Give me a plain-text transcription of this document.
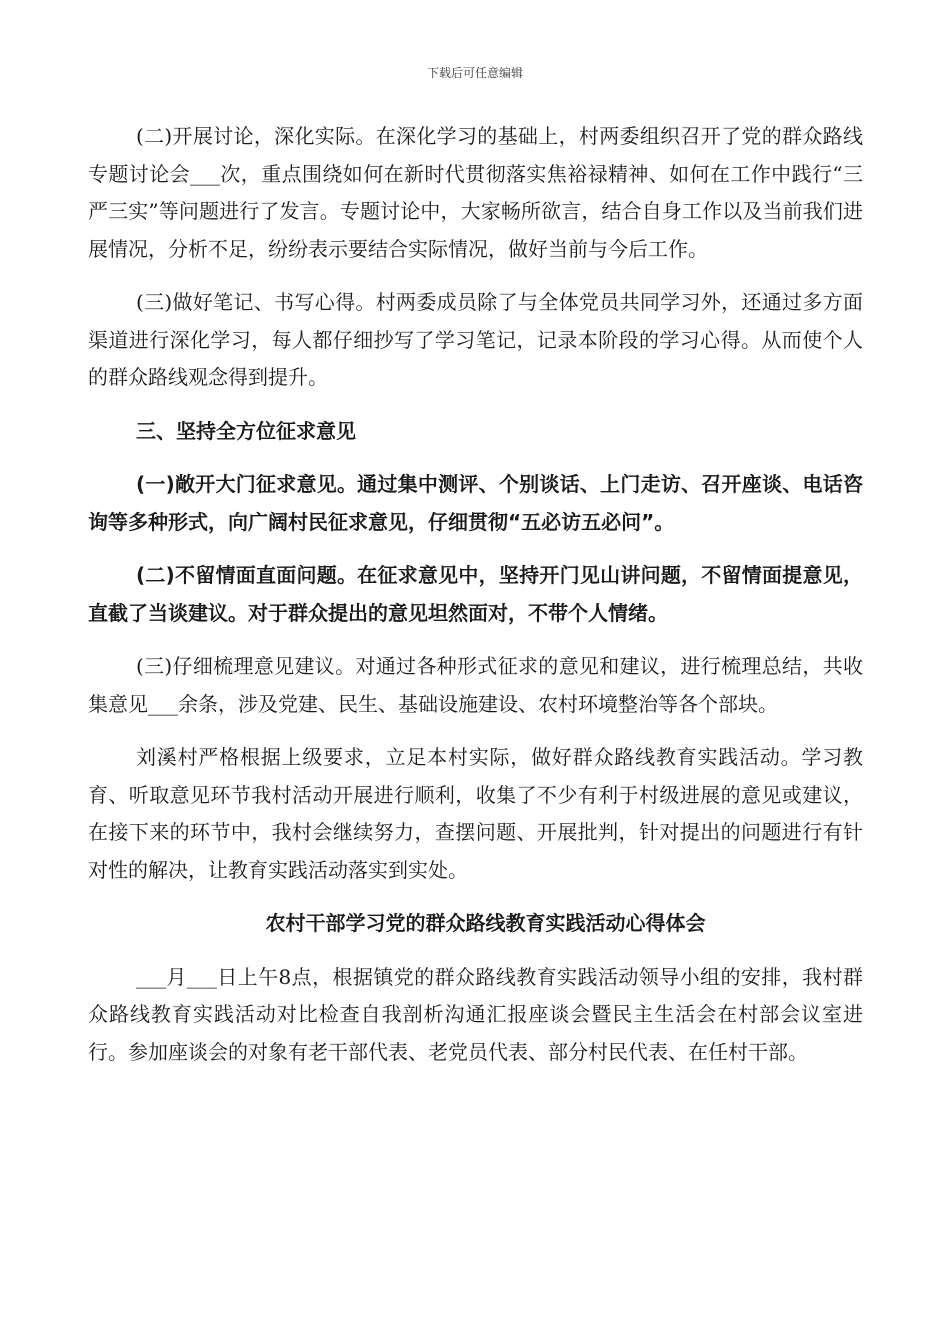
下载后可任意编辑

(二)开展讨论，深化实际。在深化学习的基础上，村两委组织召开了党的群众路线专题讨论会___次，重点围绕如何在新时代贯彻落实焦裕禄精神、如何在工作中践行“三严三实”等问题进行了发言。专题讨论中，大家畅所欲言，结合自身工作以及当前我们进展情况，分析不足，纷纷表示要结合实际情况，做好当前与今后工作。

(三)做好笔记、书写心得。村两委成员除了与全体党员共同学习外，还通过多方面渠道进行深化学习，每人都仔细抄写了学习笔记，记录本阶段的学习心得。从而使个人的群众路线观念得到提升。

三、坚持全方位征求意见

(一)敞开大门征求意见。通过集中测评、个别谈话、上门走访、召开座谈、电话咨询等多种形式，向广阔村民征求意见，仔细贯彻“五必访五必问”。

(二)不留情面直面问题。在征求意见中，坚持开门见山讲问题，不留情面提意见，直截了当谈建议。对于群众提出的意见坦然面对，不带个人情绪。

(三)仔细梳理意见建议。对通过各种形式征求的意见和建议，进行梳理总结，共收集意见___余条，涉及党建、民生、基础设施建设、农村环境整治等各个部块。

刘溪村严格根据上级要求，立足本村实际，做好群众路线教育实践活动。学习教育、听取意见环节我村活动开展进行顺利，收集了不少有利于村级进展的意见或建议，在接下来的环节中，我村会继续努力，查摆问题、开展批判，针对提出的问题进行有针对性的解决，让教育实践活动落实到实处。

农村干部学习党的群众路线教育实践活动心得体会

___月___日上午8点，根据镇党的群众路线教育实践活动领导小组的安排，我村群众路线教育实践活动对比检查自我剖析沟通汇报座谈会暨民主生活会在村部会议室进行。参加座谈会的对象有老干部代表、老党员代表、部分村民代表、在任村干部。
